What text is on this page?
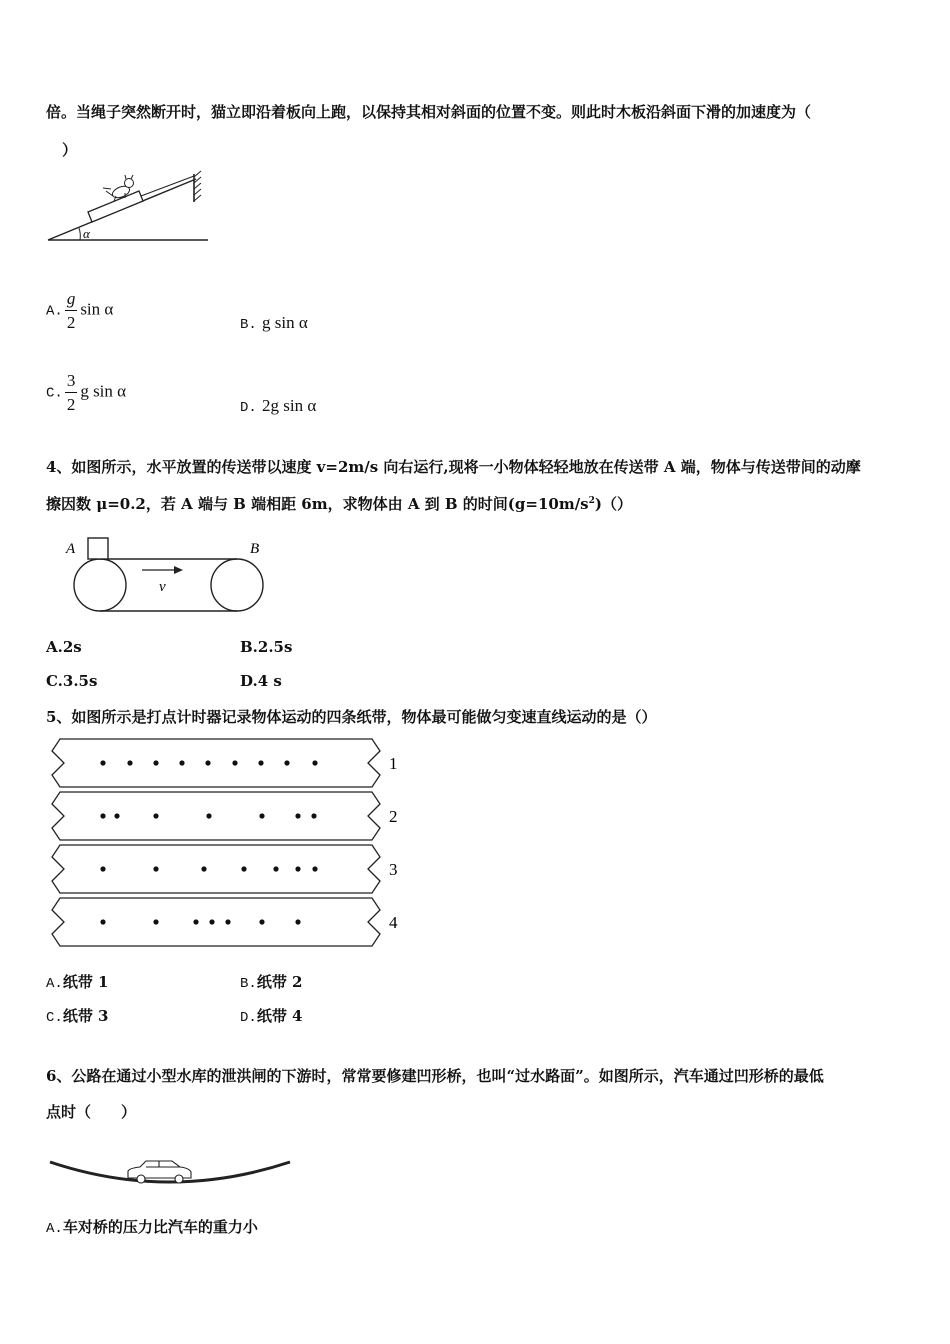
倍。当绳子突然断开时，猫立即沿着板向上跑，以保持其相对斜面的位置不变。则此时木板沿斜面下滑的加速度为（
）
α
A. $\frac{g}{2}$ sin α
B. g sin α
C. $\frac{3}{2}$ g sin α
D. 2g sin α
4、如图所示，水平放置的传送带以速度 v=2m/s 向右运行,现将一小物体轻轻地放在传送带 A 端，物体与传送带间的动摩
擦因数 μ=0.2，若 A 端与 B 端相距 6m，求物体由 A 到 B 的时间$(g=10m/s^2)()$
A	B
v
A.2s	B.2.5s
C.3.5s	D.4 s
5、如图所示是打点计时器记录物体运动的四条纸带，物体最可能做匀变速直线运动的是（）
1
2
3
4
A.纸带 1	B.纸带 2
C.纸带 3	D.纸带 4
6、公路在通过小型水库的泄洪闸的下游时，常常要修建凹形桥，也叫“过水路面”。如图所示，汽车通过凹形桥的最低
点时（　　）
A.车对桥的压力比汽车的重力小
